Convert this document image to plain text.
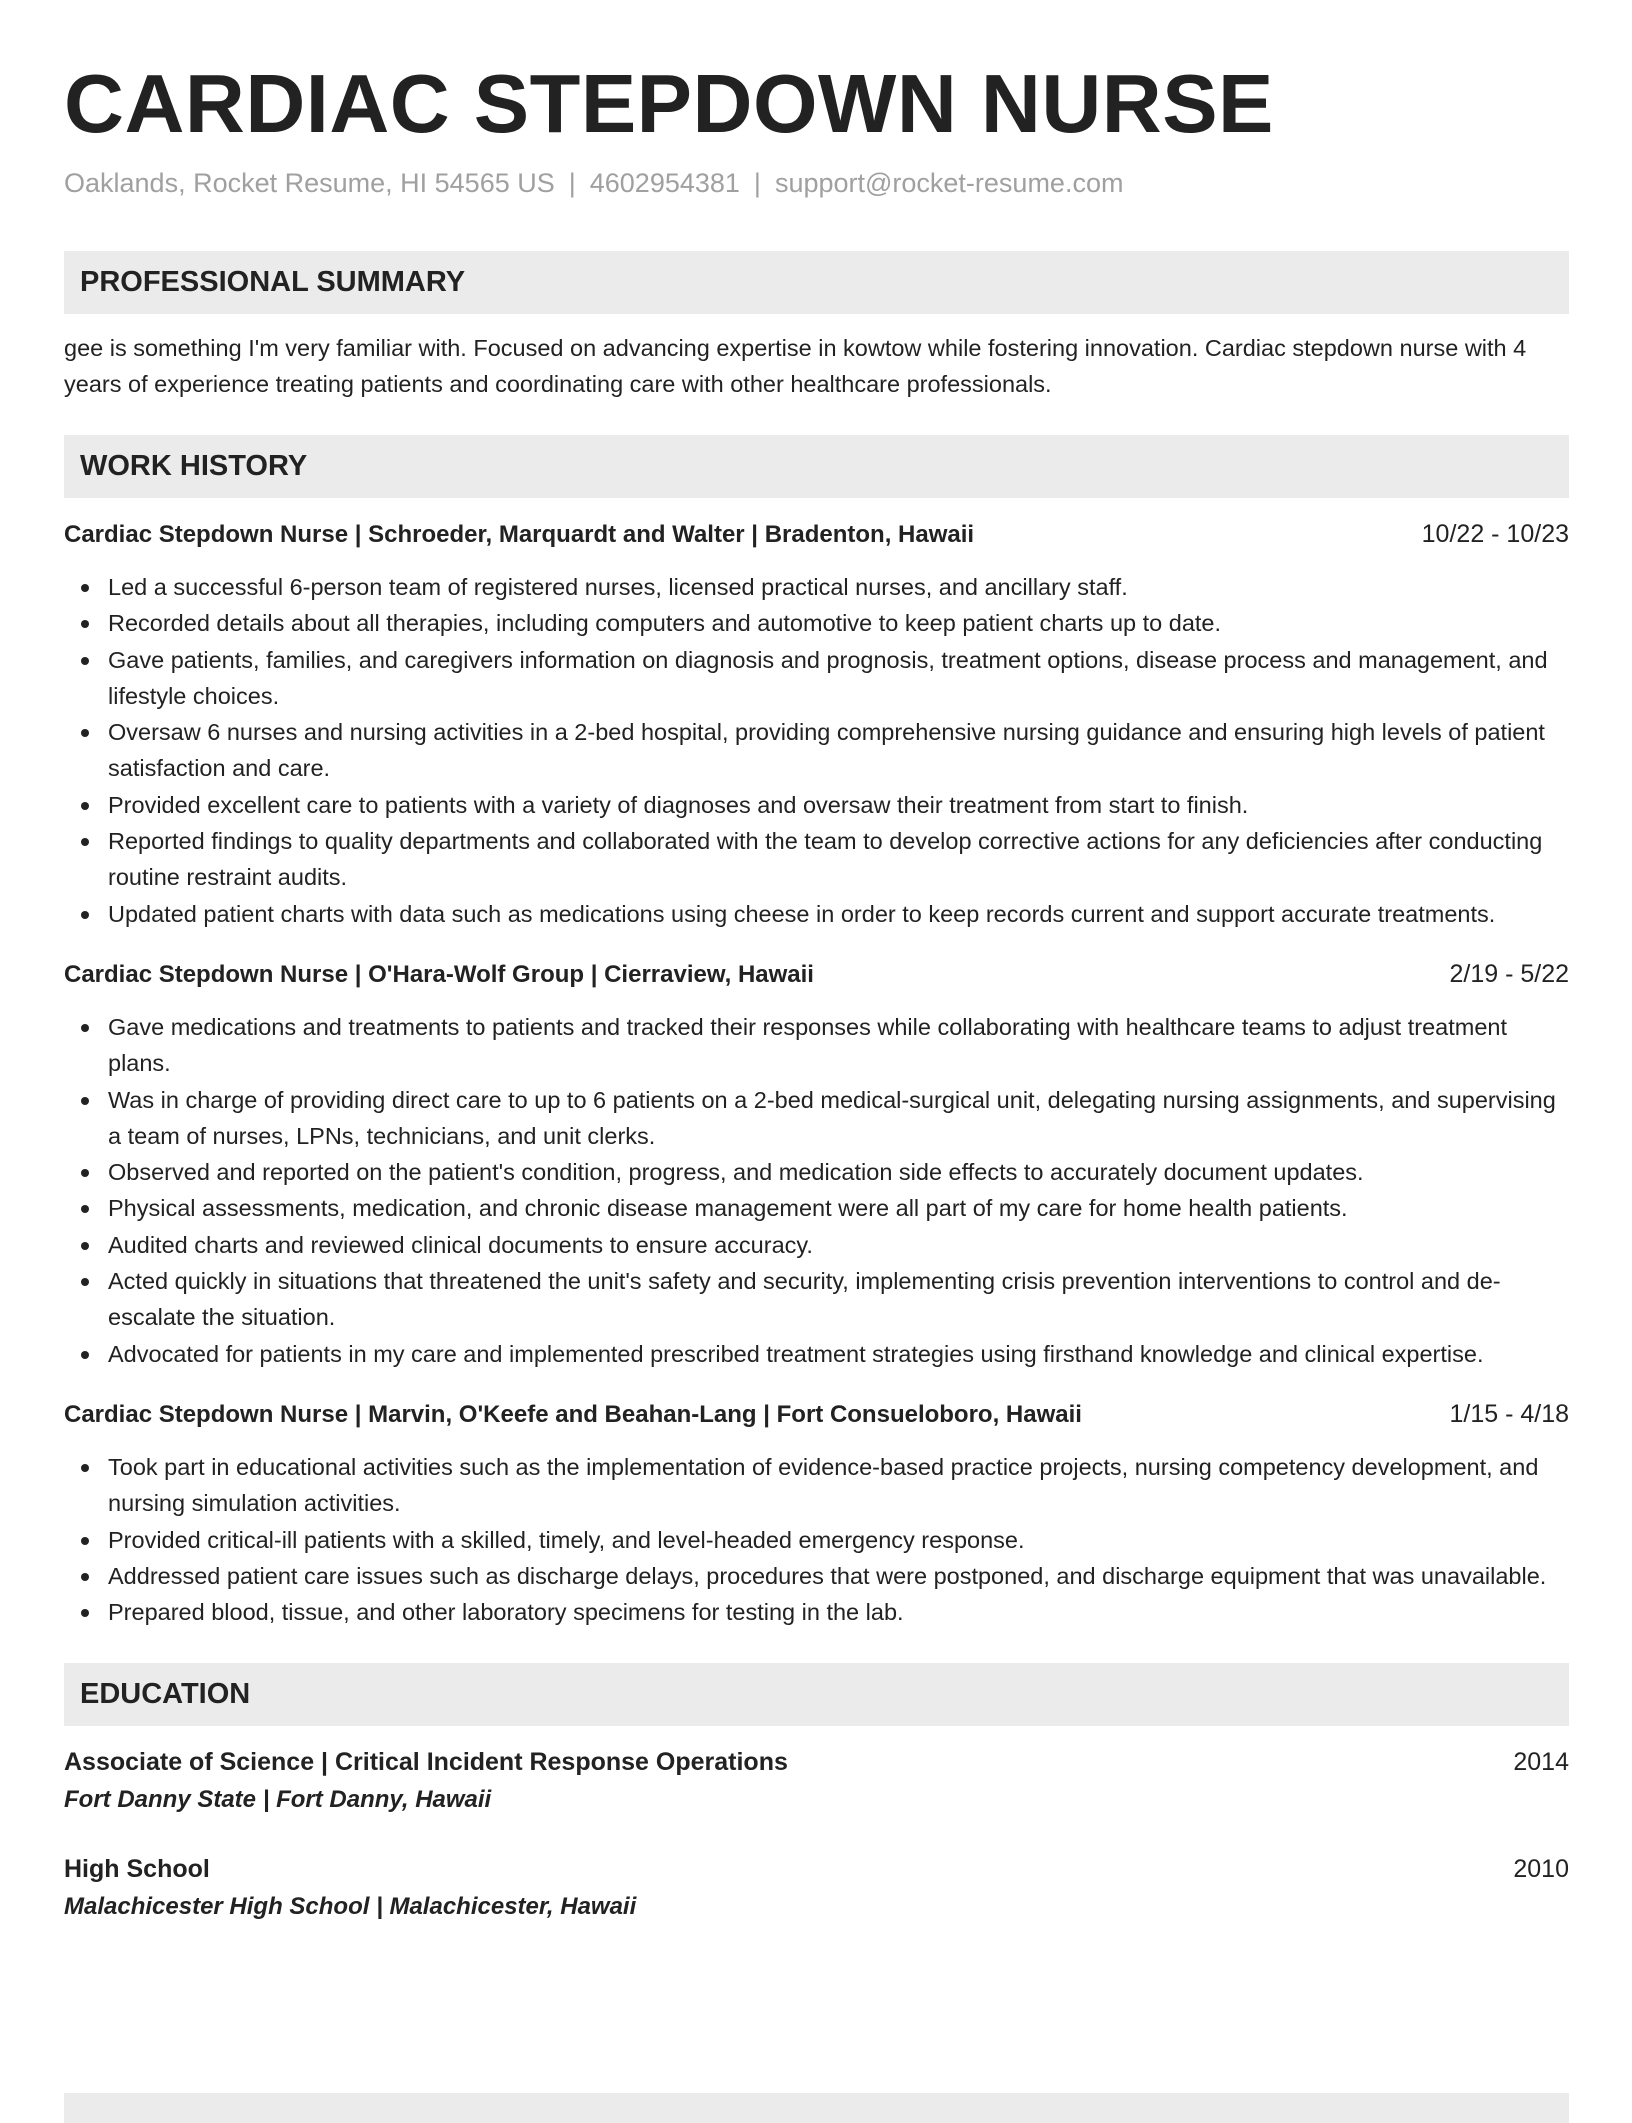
CARDIAC STEPDOWN NURSE
Oaklands, Rocket Resume, HI 54565 US | 4602954381 | support@rocket-resume.com
PROFESSIONAL SUMMARY
gee is something I'm very familiar with. Focused on advancing expertise in kowtow while fostering innovation. Cardiac stepdown nurse with 4 years of experience treating patients and coordinating care with other healthcare professionals.
WORK HISTORY
Cardiac Stepdown Nurse | Schroeder, Marquardt and Walter | Bradenton, Hawaii	10/22 - 10/23
Led a successful 6-person team of registered nurses, licensed practical nurses, and ancillary staff.
Recorded details about all therapies, including computers and automotive to keep patient charts up to date.
Gave patients, families, and caregivers information on diagnosis and prognosis, treatment options, disease process and management, and lifestyle choices.
Oversaw 6 nurses and nursing activities in a 2-bed hospital, providing comprehensive nursing guidance and ensuring high levels of patient satisfaction and care.
Provided excellent care to patients with a variety of diagnoses and oversaw their treatment from start to finish.
Reported findings to quality departments and collaborated with the team to develop corrective actions for any deficiencies after conducting routine restraint audits.
Updated patient charts with data such as medications using cheese in order to keep records current and support accurate treatments.
Cardiac Stepdown Nurse | O'Hara-Wolf Group | Cierraview, Hawaii	2/19 - 5/22
Gave medications and treatments to patients and tracked their responses while collaborating with healthcare teams to adjust treatment plans.
Was in charge of providing direct care to up to 6 patients on a 2-bed medical-surgical unit, delegating nursing assignments, and supervising a team of nurses, LPNs, technicians, and unit clerks.
Observed and reported on the patient's condition, progress, and medication side effects to accurately document updates.
Physical assessments, medication, and chronic disease management were all part of my care for home health patients.
Audited charts and reviewed clinical documents to ensure accuracy.
Acted quickly in situations that threatened the unit's safety and security, implementing crisis prevention interventions to control and de-escalate the situation.
Advocated for patients in my care and implemented prescribed treatment strategies using firsthand knowledge and clinical expertise.
Cardiac Stepdown Nurse | Marvin, O'Keefe and Beahan-Lang | Fort Consueloboro, Hawaii	1/15 - 4/18
Took part in educational activities such as the implementation of evidence-based practice projects, nursing competency development, and nursing simulation activities.
Provided critical-ill patients with a skilled, timely, and level-headed emergency response.
Addressed patient care issues such as discharge delays, procedures that were postponed, and discharge equipment that was unavailable.
Prepared blood, tissue, and other laboratory specimens for testing in the lab.
EDUCATION
Associate of Science | Critical Incident Response Operations	2014
Fort Danny State | Fort Danny, Hawaii
High School	2010
Malachicester High School | Malachicester, Hawaii
